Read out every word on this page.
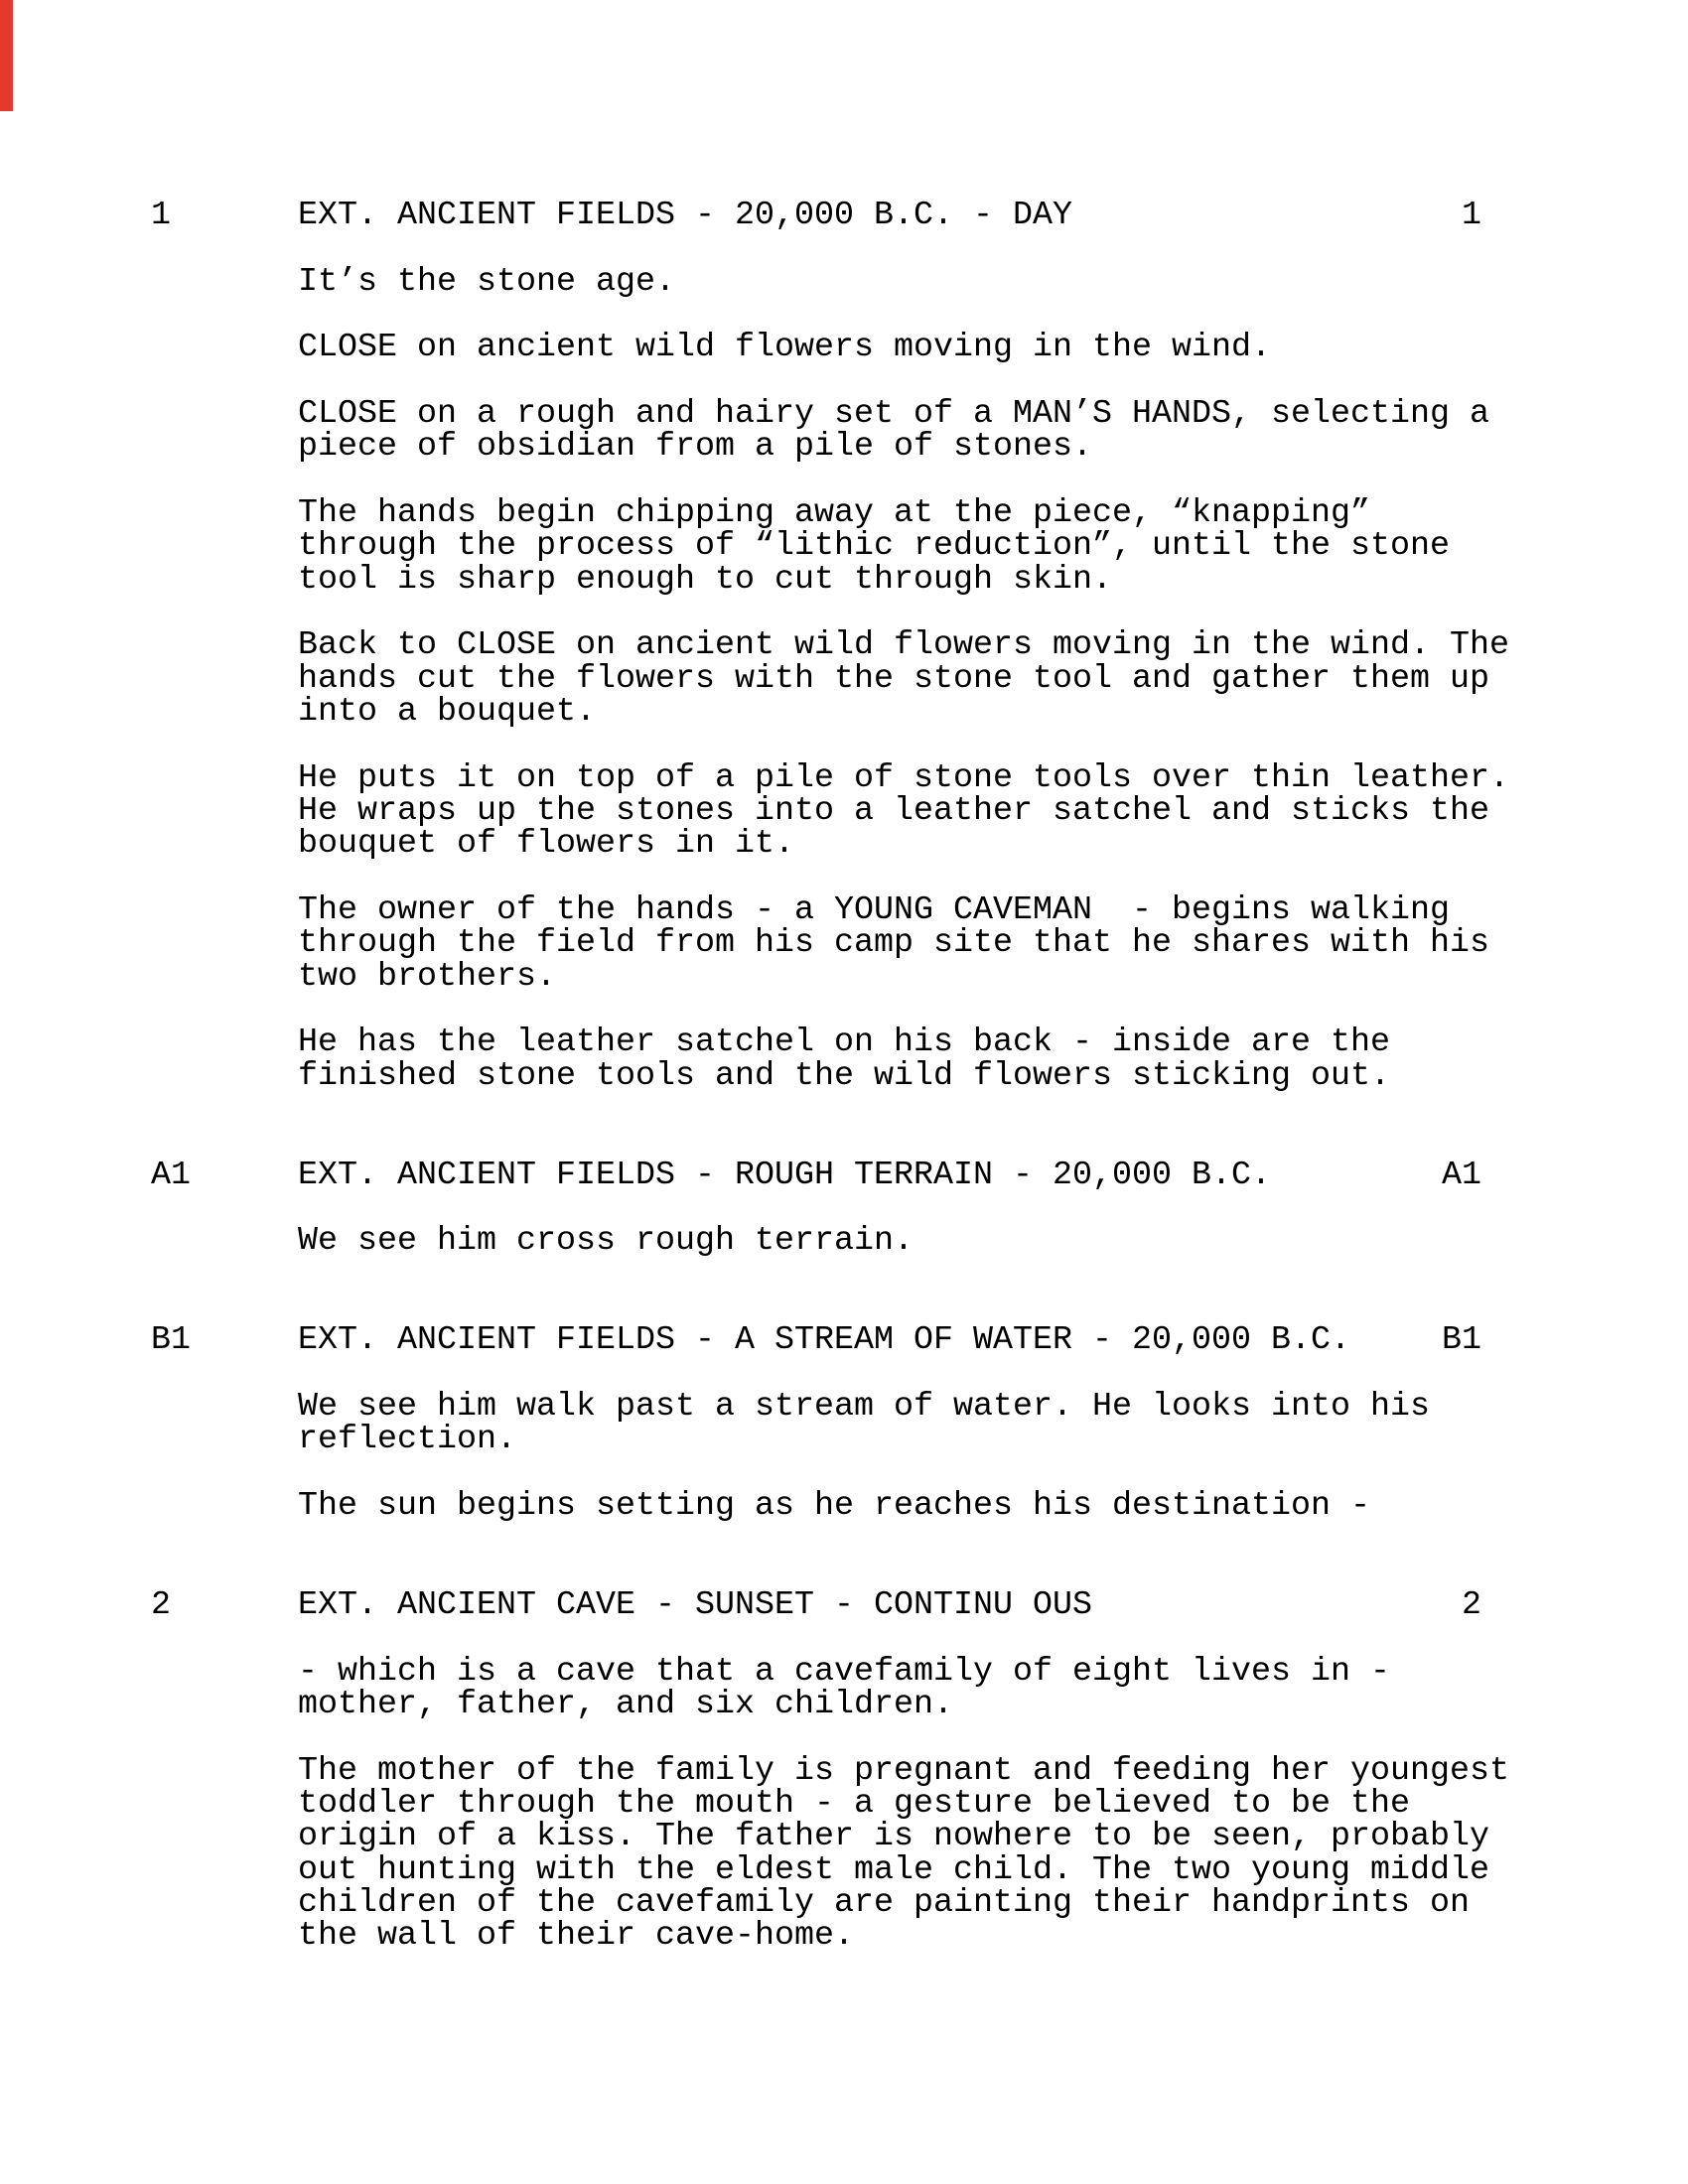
1	EXT. ANCIENT FIELDS - 20,000 B.C. - DAY	1
It’s the stone age.
CLOSE on ancient wild flowers moving in the wind.
CLOSE on a rough and hairy set of a MAN’S HANDS, selecting a
piece of obsidian from a pile of stones.
The hands begin chipping away at the piece, “knapping”
through the process of “lithic reduction”, until the stone
tool is sharp enough to cut through skin.
Back to CLOSE on ancient wild flowers moving in the wind. The
hands cut the flowers with the stone tool and gather them up
into a bouquet.
He puts it on top of a pile of stone tools over thin leather.
He wraps up the stones into a leather satchel and sticks the
bouquet of flowers in it.
The owner of the hands - a YOUNG CAVEMAN  - begins walking
through the field from his camp site that he shares with his
two brothers.
He has the leather satchel on his back - inside are the
finished stone tools and the wild flowers sticking out.
A1	EXT. ANCIENT FIELDS - ROUGH TERRAIN - 20,000 B.C.	A1
We see him cross rough terrain.
B1	EXT. ANCIENT FIELDS - A STREAM OF WATER - 20,000 B.C.	B1
We see him walk past a stream of water. He looks into his
reflection.
The sun begins setting as he reaches his destination -
2	EXT. ANCIENT CAVE - SUNSET - CONTINU OUS	2
- which is a cave that a cavefamily of eight lives in -
mother, father, and six children.
The mother of the family is pregnant and feeding her youngest
toddler through the mouth - a gesture believed to be the
origin of a kiss. The father is nowhere to be seen, probably
out hunting with the eldest male child. The two young middle
children of the cavefamily are painting their handprints on
the wall of their cave-home.
